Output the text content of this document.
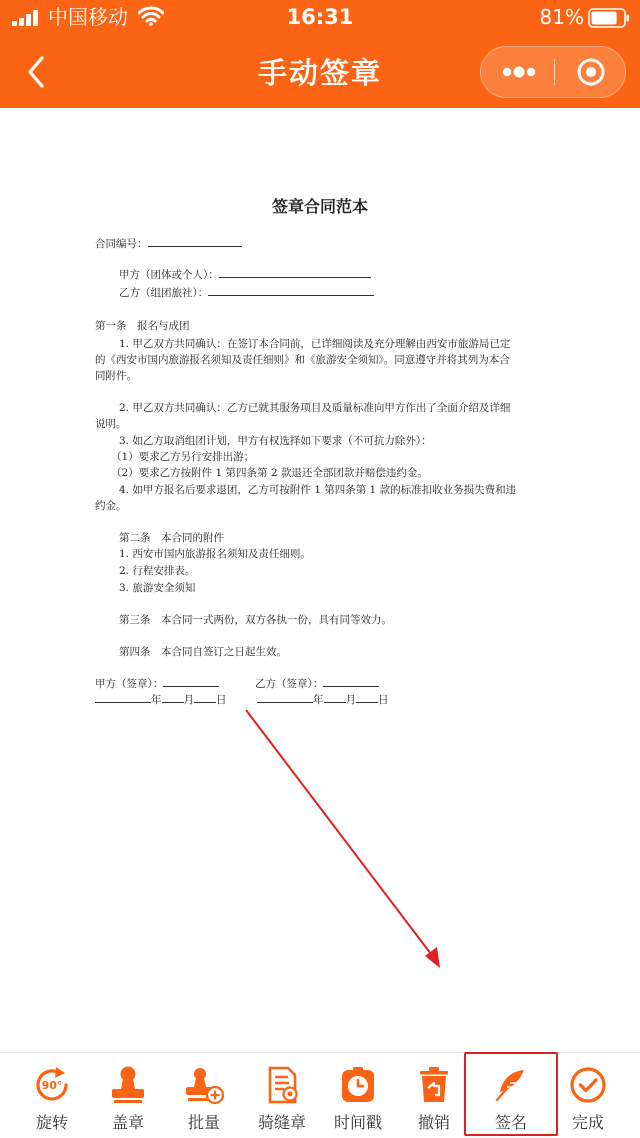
中国移动	16:31	81%
手动签章
签章合同范本
合同编号：
甲方（团体或个人）：
乙方（组团旅社）：
第一条　报名与成团
1. 甲乙双方共同确认：在签订本合同前，已详细阅读及充分理解由西安市旅游局已定
的《西安市国内旅游报名须知及责任细则》和《旅游安全须知》。同意遵守并将其列为本合
同附件。
2. 甲乙双方共同确认：乙方已就其服务项目及质量标准向甲方作出了全面介绍及详细
说明。
3. 如乙方取消组团计划，甲方有权选择如下要求（不可抗力除外）：
（1）要求乙方另行安排出游；
（2）要求乙方按附件 1 第四条第 2 款退还全部团款并赔偿违约金。
4. 如甲方报名后要求退团，乙方可按附件 1 第四条第 1 款的标准扣收业务损失费和违
约金。
第二条　本合同的附件
1. 西安市国内旅游报名须知及责任细则。
2. 行程安排表。
3. 旅游安全须知
第三条　本合同一式两份，双方各执一份，具有同等效力。
第四条　本合同自签订之日起生效。
甲方（签章）：	乙方（签章）：
年 月 日	年 月 日
90°
旋转	盖章	批量	骑缝章	时间戳	撤销	签名	完成
